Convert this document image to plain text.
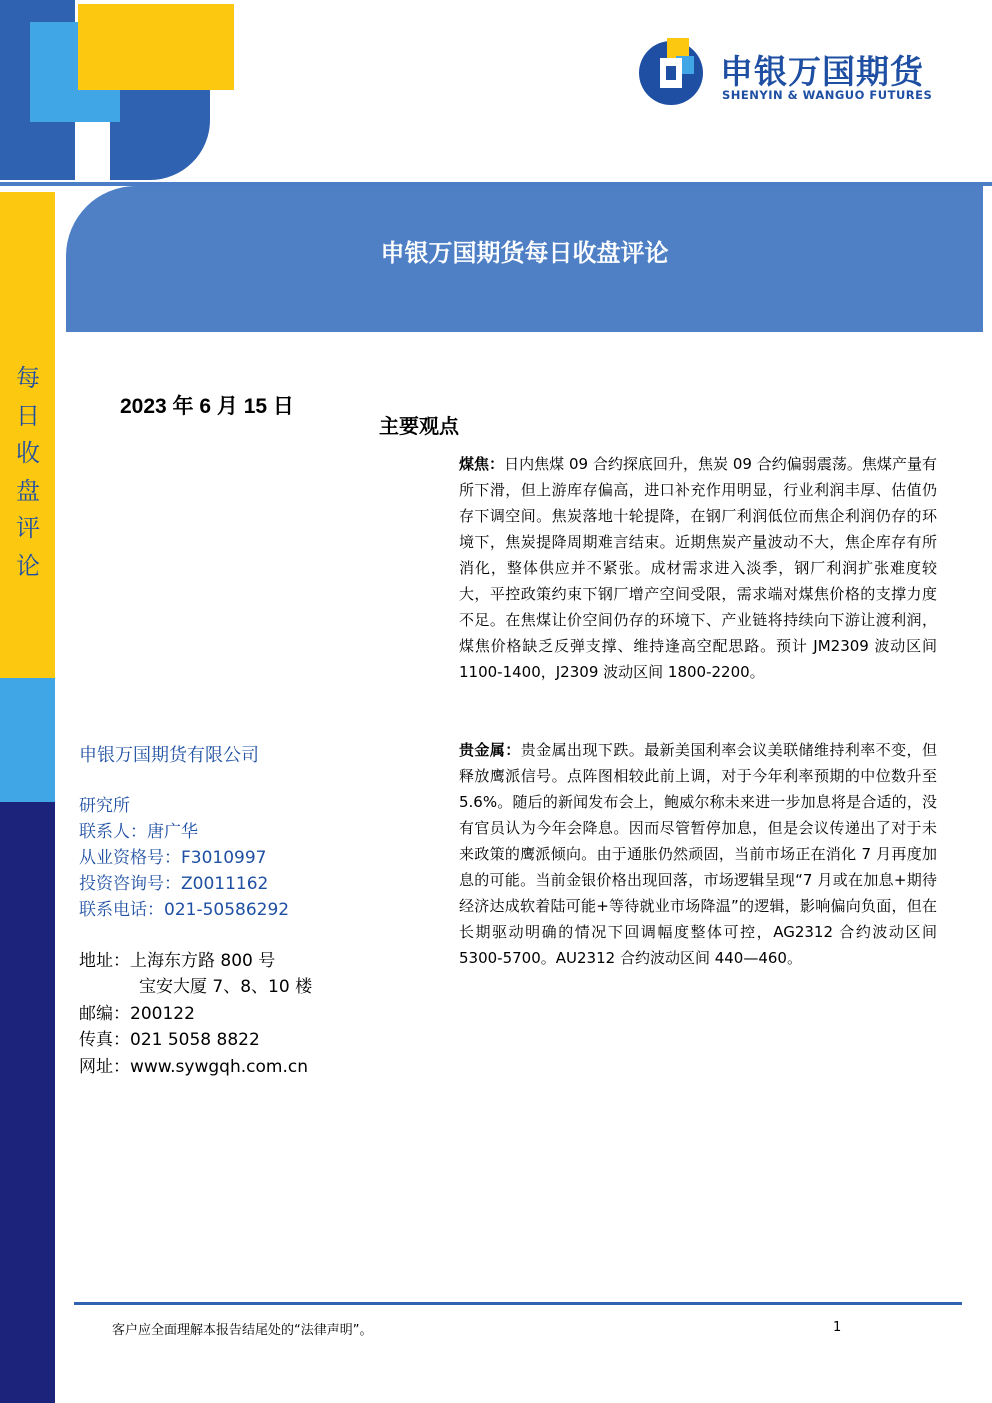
申银万国期货
SHENYIN & WANGUO FUTURES
申银万国期货每日收盘评论
每
日
收
盘
评
论
2023 年 6 月 15 日
主要观点
煤焦：日内焦煤 09 合约探底回升，焦炭 09 合约偏弱震荡。焦煤产量有所下滑，但上游库存偏高，进口补充作用明显，行业利润丰厚、估值仍存下调空间。焦炭落地十轮提降，在钢厂利润低位而焦企利润仍存的环境下，焦炭提降周期难言结束。近期焦炭产量波动不大，焦企库存有所消化，整体供应并不紧张。成材需求进入淡季，钢厂利润扩张难度较大，平控政策约束下钢厂增产空间受限，需求端对煤焦价格的支撑力度不足。在焦煤让价空间仍存的环境下、产业链将持续向下游让渡利润，煤焦价格缺乏反弹支撑、维持逢高空配思路。预计 JM2309 波动区间 1100-1400，J2309 波动区间 1800-2200。
贵金属：贵金属出现下跌。最新美国利率会议美联储维持利率不变，但释放鹰派信号。点阵图相较此前上调，对于今年利率预期的中位数升至 5.6%。随后的新闻发布会上，鲍威尔称未来进一步加息将是合适的，没有官员认为今年会降息。因而尽管暂停加息，但是会议传递出了对于未来政策的鹰派倾向。由于通胀仍然顽固，当前市场正在消化 7 月再度加息的可能。当前金银价格出现回落，市场逻辑呈现“7 月或在加息+期待经济达成软着陆可能+等待就业市场降温”的逻辑，影响偏向负面，但在长期驱动明确的情况下回调幅度整体可控，AG2312 合约波动区间 5300-5700。AU2312 合约波动区间 440—460。
申银万国期货有限公司
研究所
联系人：唐广华
从业资格号：F3010997
投资咨询号：Z0011162
联系电话：021-50586292
地址：上海东方路 800 号
宝安大厦 7、8、10 楼
邮编：200122
传真：021 5058 8822
网址：www.sywgqh.com.cn
客户应全面理解本报告结尾处的“法律声明”。	1
